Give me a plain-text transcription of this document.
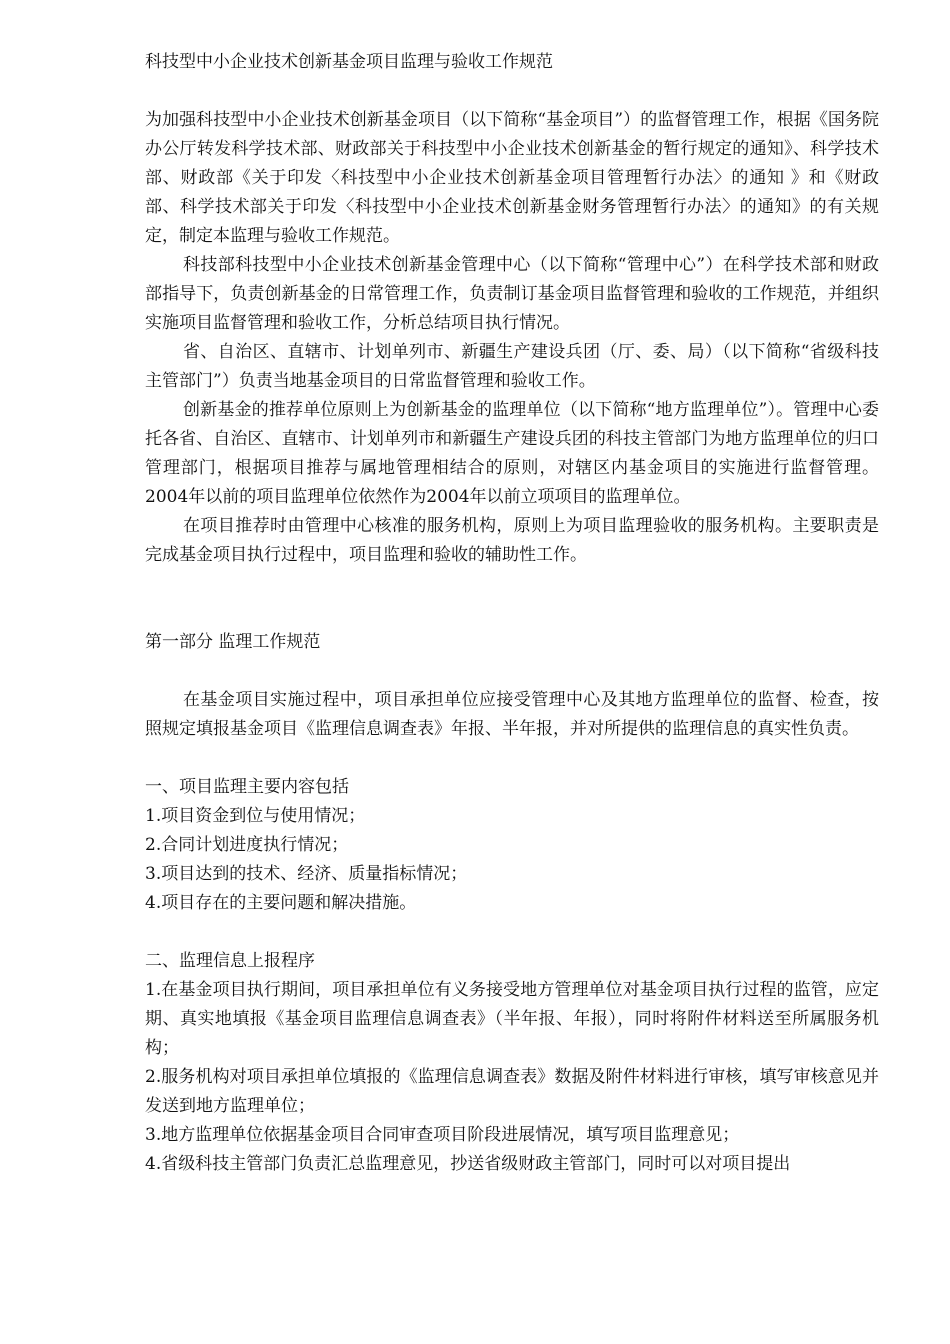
科技型中小企业技术创新基金项目监理与验收工作规范

为加强科技型中小企业技术创新基金项目（以下简称“基金项目”）的监督管理工作，根据《国务院办公厅转发科学技术部、财政部关于科技型中小企业技术创新基金的暂行规定的通知》、科学技术部、财政部《关于印发〈科技型中小企业技术创新基金项目管理暂行办法〉的通知 》和《财政部、科学技术部关于印发〈科技型中小企业技术创新基金财务管理暂行办法〉的通知》的有关规定，制定本监理与验收工作规范。

科技部科技型中小企业技术创新基金管理中心（以下简称“管理中心”）在科学技术部和财政部指导下，负责创新基金的日常管理工作，负责制订基金项目监督管理和验收的工作规范，并组织实施项目监督管理和验收工作，分析总结项目执行情况。

省、自治区、直辖市、计划单列市、新疆生产建设兵团（厅、委、局）（以下简称“省级科技主管部门”）负责当地基金项目的日常监督管理和验收工作。

创新基金的推荐单位原则上为创新基金的监理单位（以下简称“地方监理单位”）。管理中心委托各省、自治区、直辖市、计划单列市和新疆生产建设兵团的科技主管部门为地方监理单位的归口管理部门，根据项目推荐与属地管理相结合的原则，对辖区内基金项目的实施进行监督管理。2004年以前的项目监理单位依然作为2004年以前立项项目的监理单位。

在项目推荐时由管理中心核准的服务机构，原则上为项目监理验收的服务机构。主要职责是完成基金项目执行过程中，项目监理和验收的辅助性工作。

第一部分 监理工作规范

在基金项目实施过程中，项目承担单位应接受管理中心及其地方监理单位的监督、检查，按照规定填报基金项目《监理信息调查表》年报、半年报，并对所提供的监理信息的真实性负责。

一、项目监理主要内容包括

1.项目资金到位与使用情况；

2.合同计划进度执行情况；

3.项目达到的技术、经济、质量指标情况；

4.项目存在的主要问题和解决措施。

二、监理信息上报程序

1.在基金项目执行期间，项目承担单位有义务接受地方管理单位对基金项目执行过程的监管，应定期、真实地填报《基金项目监理信息调查表》（半年报、年报），同时将附件材料送至所属服务机构；

2.服务机构对项目承担单位填报的《监理信息调查表》数据及附件材料进行审核，填写审核意见并发送到地方监理单位；

3.地方监理单位依据基金项目合同审查项目阶段进展情况，填写项目监理意见；

4.省级科技主管部门负责汇总监理意见，抄送省级财政主管部门，同时可以对项目提出
